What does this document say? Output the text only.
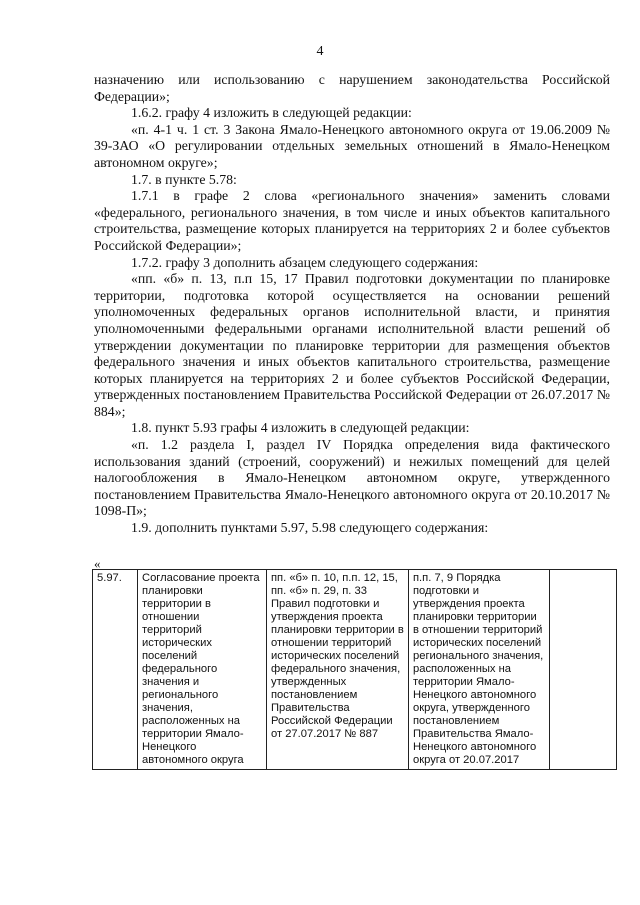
4

назначению или использованию с нарушением законодательства Российской Федерации»;

1.6.2. графу 4 изложить в следующей редакции:

«п. 4-1 ч. 1 ст. 3 Закона Ямало-Ненецкого автономного округа от 19.06.2009 № 39-ЗАО «О регулировании отдельных земельных отношений в Ямало-Ненецком автономном округе»;

1.7. в пункте 5.78:

1.7.1 в графе 2 слова «регионального значения» заменить словами «федерального, регионального значения, в том числе и иных объектов капитального строительства, размещение которых планируется на территориях 2 и более субъектов Российской Федерации»;

1.7.2. графу 3 дополнить абзацем следующего содержания:

«пп. «б» п. 13, п.п 15, 17 Правил подготовки документации по планировке территории, подготовка которой осуществляется на основании решений уполномоченных федеральных органов исполнительной власти, и принятия уполномоченными федеральными органами исполнительной власти решений об утверждении документации по планировке территории для размещения объектов федерального значения и иных объектов капитального строительства, размещение которых планируется на территориях 2 и более субъектов Российской Федерации, утвержденных постановлением Правительства Российской Федерации от 26.07.2017 № 884»;

1.8. пункт 5.93 графы 4 изложить в следующей редакции:

«п. 1.2 раздела I, раздел IV Порядка определения вида фактического использования зданий (строений, сооружений) и нежилых помещений для целей налогообложения в Ямало-Ненецком автономном округе, утвержденного постановлением Правительства Ямало-Ненецкого автономного округа от 20.10.2017 № 1098-П»;

1.9. дополнить пунктами 5.97, 5.98 следующего содержания:

«
5.97.	Согласование проекта планировки территории в отношении территорий исторических поселений федерального значения и регионального значения, расположенных на территории Ямало-Ненецкого автономного округа	пп. «б» п. 10, п.п. 12, 15, пп. «б» п. 29, п. 33 Правил подготовки и утверждения проекта планировки территории в отношении территорий исторических поселений федерального значения, утвержденных постановлением Правительства Российской Федерации от 27.07.2017 № 887	п.п. 7, 9 Порядка подготовки и утверждения проекта планировки территории в отношении территорий исторических поселений регионального значения, расположенных на территории Ямало-Ненецкого автономного округа, утвержденного постановлением Правительства Ямало-Ненецкого автономного округа от 20.07.2017	
